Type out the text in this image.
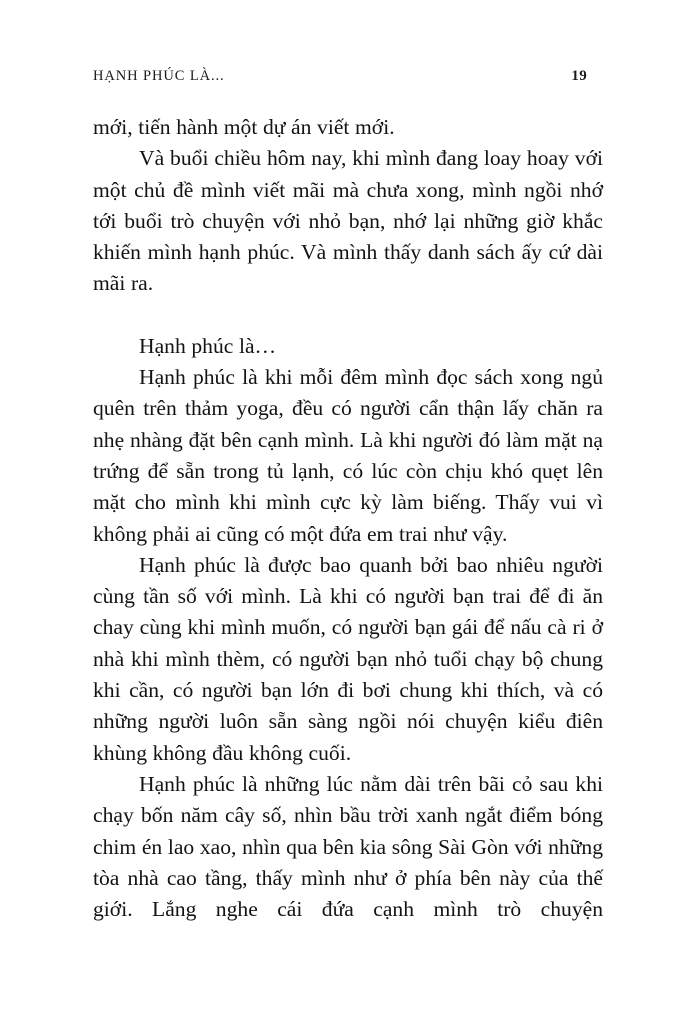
HẠNH PHÚC LÀ...	19

mới, tiến hành một dự án viết mới.

Và buổi chiều hôm nay, khi mình đang loay hoay với một chủ đề mình viết mãi mà chưa xong, mình ngồi nhớ tới buổi trò chuyện với nhỏ bạn, nhớ lại những giờ khắc khiến mình hạnh phúc. Và mình thấy danh sách ấy cứ dài mãi ra.

Hạnh phúc là…

Hạnh phúc là khi mỗi đêm mình đọc sách xong ngủ quên trên thảm yoga, đều có người cẩn thận lấy chăn ra nhẹ nhàng đặt bên cạnh mình. Là khi người đó làm mặt nạ trứng để sẵn trong tủ lạnh, có lúc còn chịu khó quẹt lên mặt cho mình khi mình cực kỳ làm biếng. Thấy vui vì không phải ai cũng có một đứa em trai như vậy.

Hạnh phúc là được bao quanh bởi bao nhiêu người cùng tần số với mình. Là khi có người bạn trai để đi ăn chay cùng khi mình muốn, có người bạn gái để nấu cà ri ở nhà khi mình thèm, có người bạn nhỏ tuổi chạy bộ chung khi cần, có người bạn lớn đi bơi chung khi thích, và có những người luôn sẵn sàng ngồi nói chuyện kiểu điên khùng không đầu không cuối.

Hạnh phúc là những lúc nằm dài trên bãi cỏ sau khi chạy bốn năm cây số, nhìn bầu trời xanh ngắt điểm bóng chim én lao xao, nhìn qua bên kia sông Sài Gòn với những tòa nhà cao tầng, thấy mình như ở phía bên này của thế giới. Lắng nghe cái đứa cạnh mình trò chuyện
